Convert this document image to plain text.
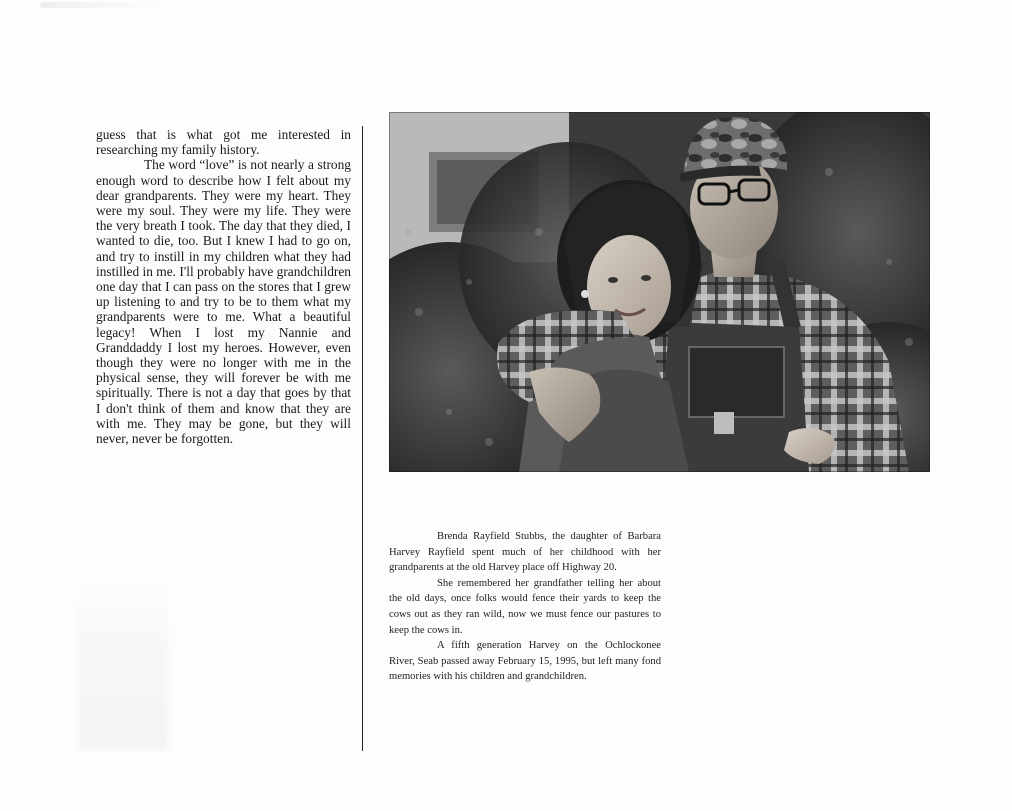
guess that is what got me interested in researching my family history.

The word “love” is not nearly a strong enough word to describe how I felt about my dear grandparents. They were my heart. They were my soul. They were my life. They were the very breath I took. The day that they died, I wanted to die, too. But I knew I had to go on, and try to instill in my children what they had instilled in me. I'll probably have grandchildren one day that I can pass on the stores that I grew up listening to and try to be to them what my grandparents were to me. What a beautiful legacy! When I lost my Nannie and Granddaddy I lost my heroes. However, even though they were no longer with me in the physical sense, they will forever be with me spiritually. There is not a day that goes by that I don't think of them and know that they are with me. They may be gone, but they will never, never be forgotten.

Brenda Rayfield Stubbs, the daughter of Barbara Harvey Rayfield spent much of her childhood with her grandparents at the old Harvey place off Highway 20.

She remembered her grandfather telling her about the old days, once folks would fence their yards to keep the cows out as they ran wild, now we must fence our pastures to keep the cows in.

A fifth generation Harvey on the Ochlockonee River, Seab passed away February 15, 1995, but left many fond memories with his children and grandchildren.
